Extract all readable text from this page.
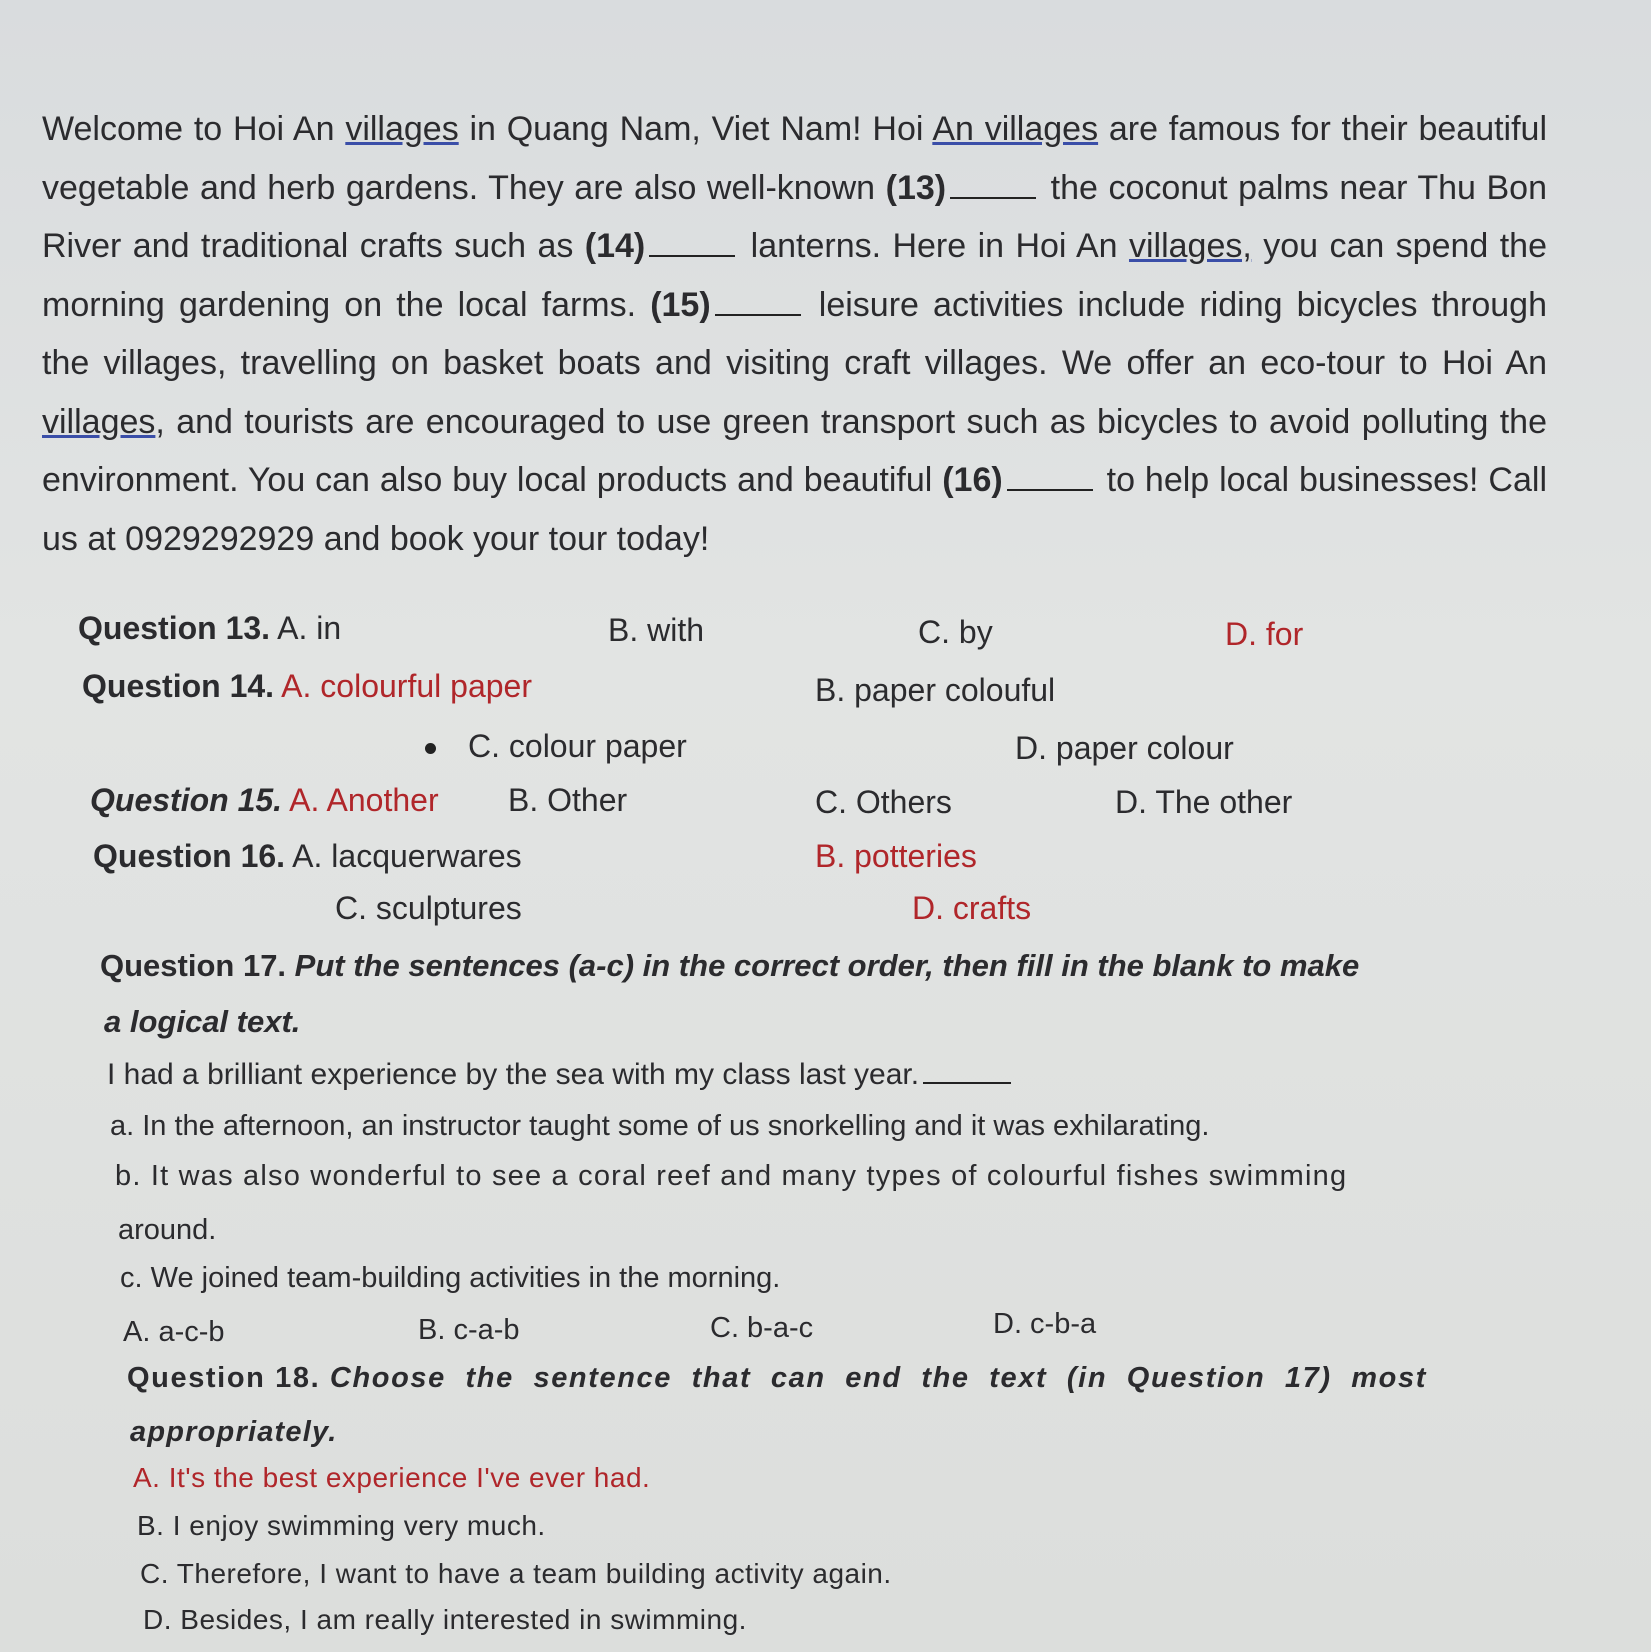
Welcome to Hoi An villages in Quang Nam, Viet Nam! Hoi An villages are famous for their beautiful vegetable and herb gardens. They are also well-known (13)	the coconut palms near Thu Bon River and traditional crafts such as (14)	lanterns. Here in Hoi An villages, you can spend the morning gardening on the local farms. (15)	leisure activities include riding bicycles through the villages, travelling on basket boats and visiting craft villages. We offer an eco-tour to Hoi An villages, and tourists are encouraged to use green transport such as bicycles to avoid polluting the environment. You can also buy local products and beautiful (16)	to help local businesses! Call us at 0929292929 and book your tour today!
Question 13. A. in	B. with	C. by	D. for
Question 14. A. colourful paper	B. paper colouful
C. colour paper	D. paper colour
Question 15. A. Another B. Other	C. Others	D. The other
Question 16. A. lacquerwares	B. potteries
C. sculptures	D. crafts
Question 17. Put the sentences (a-c) in the correct order, then fill in the blank to make
a logical text.
I had a brilliant experience by the sea with my class last year.
a. In the afternoon, an instructor taught some of us snorkelling and it was exhilarating.
b. It was also wonderful to see a coral reef and many types of colourful fishes swimming
around.
c. We joined team-building activities in the morning.
A. a-c-b	B. c-a-b	C. b-a-c	D. c-b-a
Question 18. Choose the sentence that can end the text (in Question 17) most
appropriately.
A. It's the best experience I've ever had.
B. I enjoy swimming very much.
C. Therefore, I want to have a team building activity again.
D. Besides, I am really interested in swimming.
